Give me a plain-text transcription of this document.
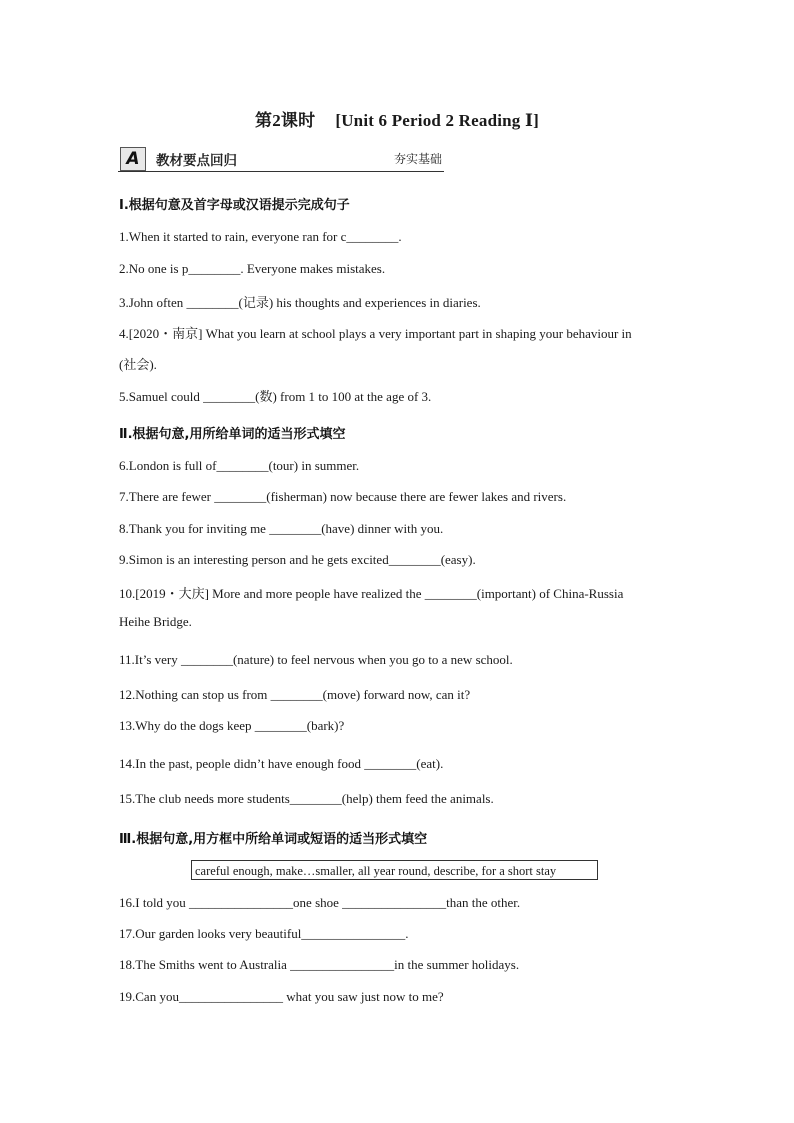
第2课时 [Unit 6 Period 2 Reading Ⅰ]
A	教材要点回归	夯实基础
Ⅰ.根据句意及首字母或汉语提示完成句子
1.When it started to rain, everyone ran for c________.
2.No one is p________. Everyone makes mistakes.
3.John often ________(记录) his thoughts and experiences in diaries.
4.[2020・南京] What you learn at school plays a very important part in shaping your behaviour in
(社会).
5.Samuel could ________(数) from 1 to 100 at the age of 3.
Ⅱ.根据句意,用所给单词的适当形式填空
6.London is full of________(tour) in summer.
7.There are fewer ________(fisherman) now because there are fewer lakes and rivers.
8.Thank you for inviting me ________(have) dinner with you.
9.Simon is an interesting person and he gets excited________(easy).
10.[2019・大庆] More and more people have realized the ________(important) of China-Russia
Heihe Bridge.
11.It’s very ________(nature) to feel nervous when you go to a new school.
12.Nothing can stop us from ________(move) forward now, can it?
13.Why do the dogs keep ________(bark)?
14.In the past, people didn’t have enough food ________(eat).
15.The club needs more students________(help) them feed the animals.
Ⅲ.根据句意,用方框中所给单词或短语的适当形式填空
careful enough, make…smaller, all year round, describe, for a short stay
16.I told you ________________one shoe ________________than the other.
17.Our garden looks very beautiful________________.
18.The Smiths went to Australia ________________in the summer holidays.
19.Can you________________ what you saw just now to me?
